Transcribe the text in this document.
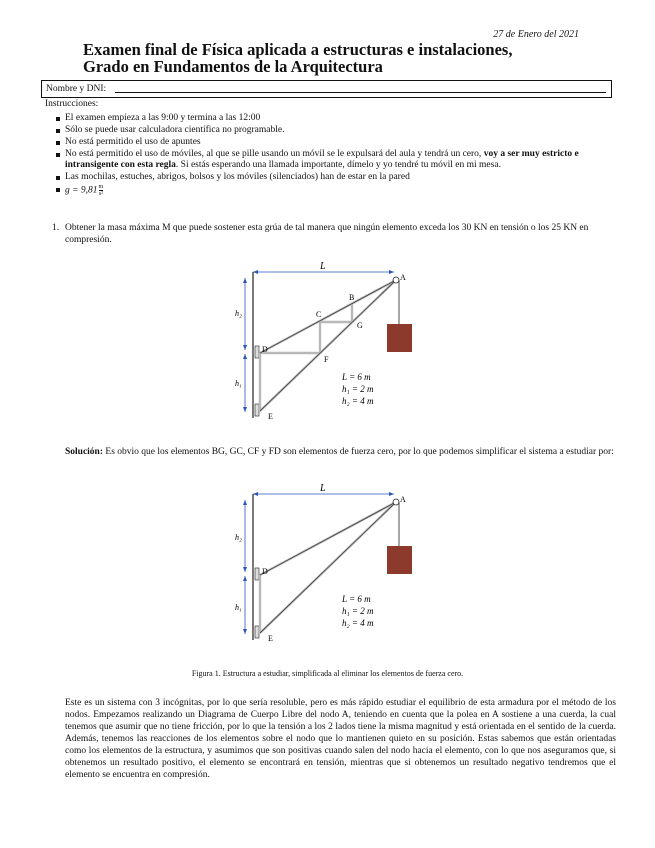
27 de Enero del 2021
Examen final de Física aplicada a estructuras e instalaciones,
Grado en Fundamentos de la Arquitectura
Nombre y DNI:
Instrucciones:
El examen empieza a las 9:00 y termina a las 12:00
Sólo se puede usar calculadora científica no programable.
No está permitido el uso de apuntes
No está permitido el uso de móviles, al que se pille usando un móvil se le expulsará del aula y tendrá un cero, voy a ser muy estricto e intransigente con esta regla. Si estás esperando una llamada importante, dímelo y yo tendré tu móvil en mi mesa.
Las mochilas, estuches, abrigos, bolsos y los móviles (silenciados) han de estar en la pared
$g = 9,81 \frac{m}{\text{s²}}$
1. Obtener la masa máxima M que puede sostener esta grúa de tal manera que ningún elemento exceda los 30 KN en tensión o los 25 KN en compresión.
L
h₂
h₁
A
B
C
G
D
F
E
L = 6 m
h₁ = 2 m
h₂ = 4 m
Solución: Es obvio que los elementos BG, GC, CF y FD son elementos de fuerza cero, por lo que podemos simplificar el sistema a estudiar por:
L
h₂
h₁
A
D
E
L = 6 m
h₁ = 2 m
h₂ = 4 m
Figura 1. Estructura a estudiar, simplificada al eliminar los elementos de fuerza cero.
Este es un sistema con 3 incógnitas, por lo que sería resoluble, pero es más rápido estudiar el equilibrio de esta armadura por el método de los nodos. Empezamos realizando un Diagrama de Cuerpo Libre del nodo A, teniendo en cuenta que la polea en A sostiene a una cuerda, la cual tenemos que asumir que no tiene fricción, por lo que la tensión a los 2 lados tiene la misma magnitud y está orientada en el sentido de la cuerda. Además, tenemos las reacciones de los elementos sobre el nodo que lo mantienen quieto en su posición. Estas sabemos que están orientadas como los elementos de la estructura, y asumimos que son positivas cuando salen del nodo hacia el elemento, con lo que nos aseguramos que, si obtenemos un resultado positivo, el elemento se encontrará en tensión, mientras que si obtenemos un resultado negativo tendremos que el elemento se encuentra en compresión.
